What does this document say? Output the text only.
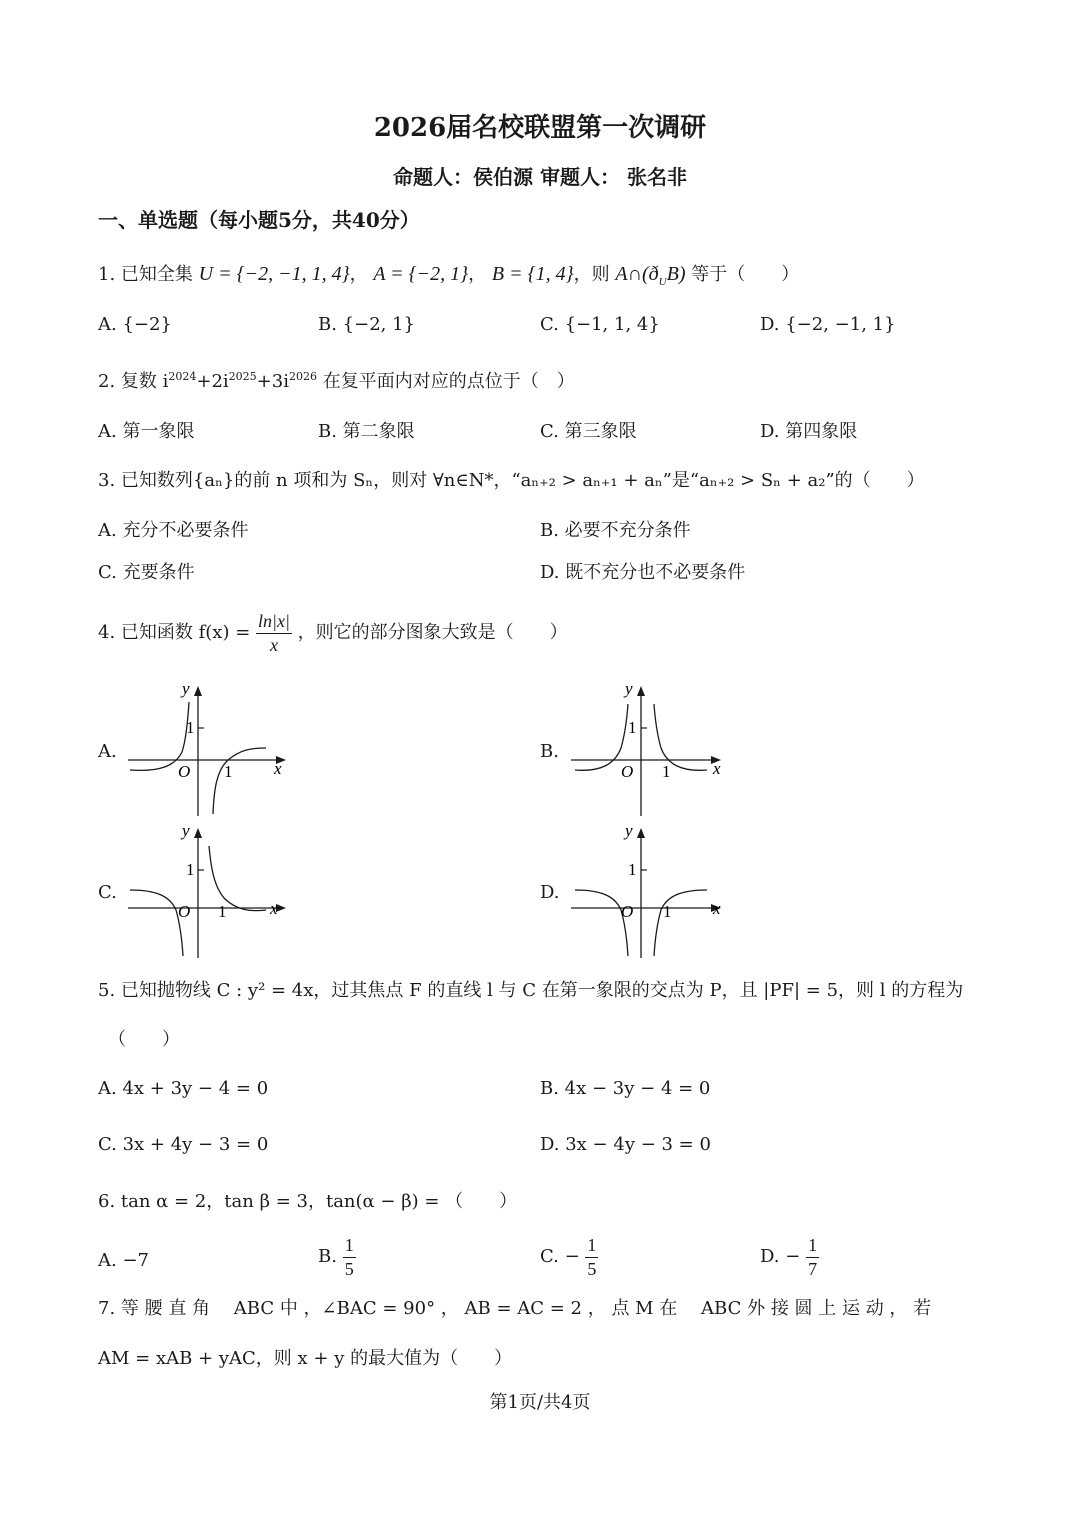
2026届名校联盟第一次调研
命题人：侯伯源 审题人： 张名非
一、单选题（每小题5分，共40分）
1. 已知全集 U = {−2, −1, 1, 4}， A = {−2, 1}， B = {1, 4}，则 $A\cap(ð_UB)$ 等于（　　）
A. {−2}	B. {−2, 1}	C. {−1, 1, 4}	D. {−2, −1, 1}
2. 复数 $i^{2024}+2i^{2025}+3i^{2026}$ 在复平面内对应的点位于（　）
A. 第一象限	B. 第二象限	C. 第三象限	D. 第四象限
3. 已知数列{aₙ}的前 n 项和为 Sₙ，则对 ∀n∈N*，“aₙ₊₂ > aₙ₊₁ + aₙ”是“aₙ₊₂ > Sₙ + a₂”的（　　）
A. 充分不必要条件	B. 必要不充分条件
C. 充要条件	D. 既不充分也不必要条件
4. 已知函数 $f(x) = \frac{\ln|x|}{x}$ ，则它的部分图象大致是（　　）
A.	B.
C.	D.
y
1
O 1 x
y
1
O 1	x
y
1
O 1	x
y
1
O 1 x
5. 已知抛物线 C : y² = 4x，过其焦点 F 的直线 l 与 C 在第一象限的交点为 P，且 |PF| = 5，则 l 的方程为
（　　）
A. 4x + 3y − 4 = 0	B. 4x − 3y − 4 = 0
C. 3x + 4y − 3 = 0	D. 3x − 4y − 3 = 0
6. tan α = 2，tan β = 3，tan(α − β) = （　　）
A. −7	B. $\frac{1}{5}$	C. − $\frac{1}{5}$	D. − $\frac{1}{7}$
7. 等 腰 直 角 　ABC 中 ，∠BAC = 90° ， AB = AC = 2 ， 点 M 在 　ABC 外 接 圆 上 运 动 ， 若
AM = xAB + yAC，则 x + y 的最大值为（　　）
第1页/共4页
